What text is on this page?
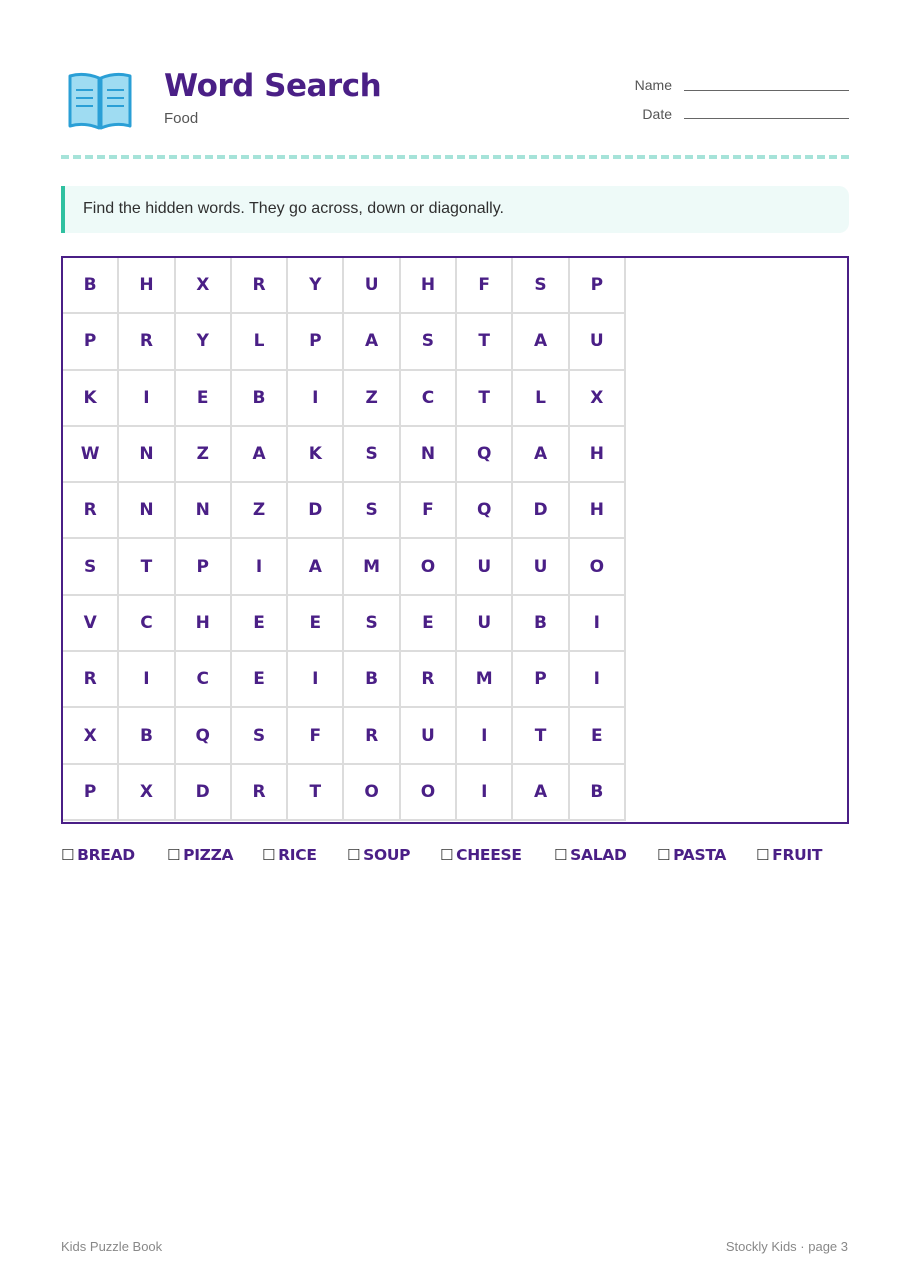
Word Search
Food
Name
Date
Find the hidden words. They go across, down or diagonally.
B	H	X	R	Y	U	H	F	S	P
P	R	Y	L	P	A	S	T	A	U
K	I	E	B	I	Z	C	T	L	X
W	N	Z	A	K	S	N	Q	A	H
R	N	N	Z	D	S	F	Q	D	H
S	T	P	I	A	M	O	U	U	O
V	C	H	E	E	S	E	U	B	I
R	I	C	E	I	B	R	M	P	I
X	B	Q	S	F	R	U	I	T	E
P	X	D	R	T	O	O	I	A	B
☐ BREAD	☐ PIZZA	☐ RICE	☐ SOUP	☐ CHEESE	☐ SALAD	☐ PASTA	☐ FRUIT
Kids Puzzle Book	Stockly Kids · page 3
